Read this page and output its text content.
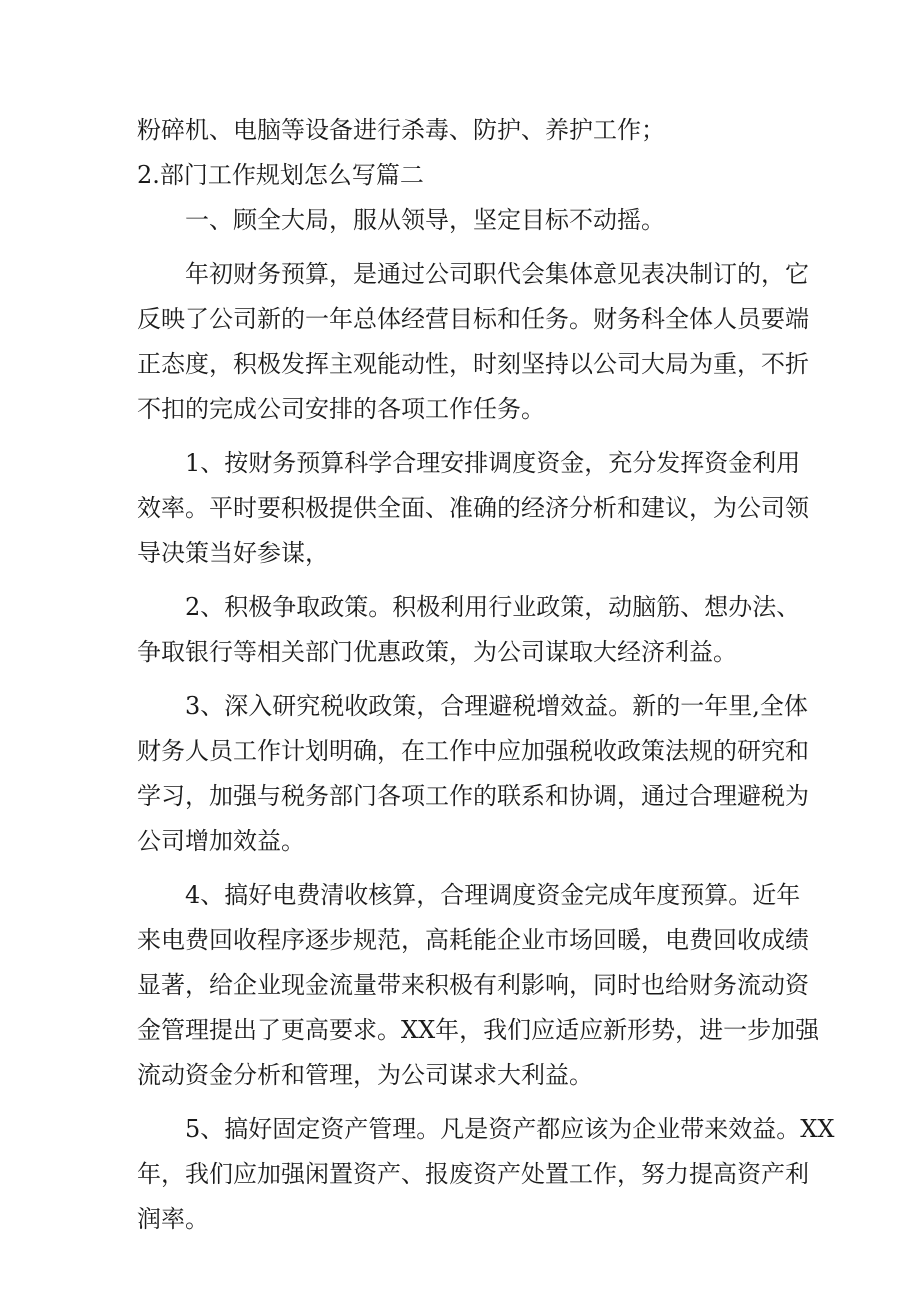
粉碎机、电脑等设备进行杀毒、防护、养护工作；

2.部门工作规划怎么写篇二

一、顾全大局，服从领导，坚定目标不动摇。

年初财务预算，是通过公司职代会集体意见表决制订的，它

反映了公司新的一年总体经营目标和任务。财务科全体人员要端

正态度，积极发挥主观能动性，时刻坚持以公司大局为重，不折

不扣的完成公司安排的各项工作任务。

1、按财务预算科学合理安排调度资金，充分发挥资金利用

效率。平时要积极提供全面、准确的经济分析和建议，为公司领

导决策当好参谋，

2、积极争取政策。积极利用行业政策，动脑筋、想办法、

争取银行等相关部门优惠政策，为公司谋取大经济利益。

3、深入研究税收政策，合理避税增效益。新的一年里,全体

财务人员工作计划明确，在工作中应加强税收政策法规的研究和

学习，加强与税务部门各项工作的联系和协调，通过合理避税为

公司增加效益。

4、搞好电费清收核算，合理调度资金完成年度预算。近年

来电费回收程序逐步规范，高耗能企业市场回暖，电费回收成绩

显著，给企业现金流量带来积极有利影响，同时也给财务流动资

金管理提出了更高要求。XX年，我们应适应新形势，进一步加强

流动资金分析和管理，为公司谋求大利益。

5、搞好固定资产管理。凡是资产都应该为企业带来效益。XX

年，我们应加强闲置资产、报废资产处置工作，努力提高资产利

润率。
